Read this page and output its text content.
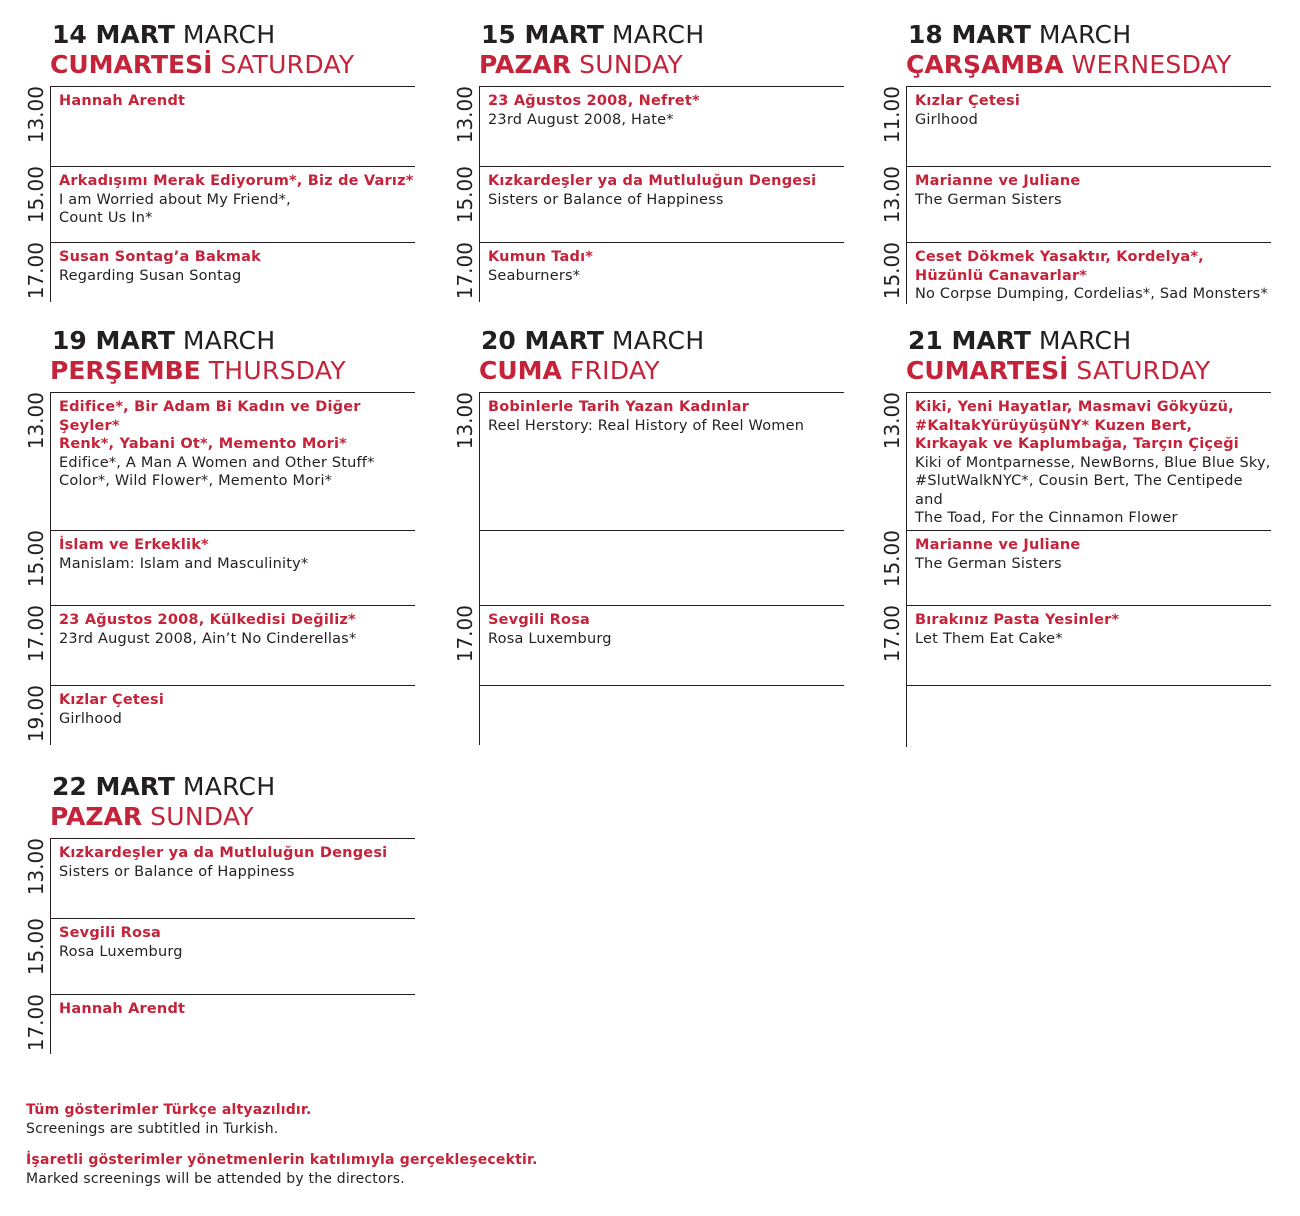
14 MART MARCH
CUMARTESİ SATURDAY
13.00 Hannah Arendt
15.00 Arkadışımı Merak Ediyorum*, Biz de Varız*
I am Worried about My Friend*,
Count Us In*
17.00 Susan Sontag’a Bakmak
Regarding Susan Sontag
15 MART MARCH
PAZAR SUNDAY
13.00 23 Ağustos 2008, Nefret*
23rd August 2008, Hate*
15.00 Kızkardeşler ya da Mutluluğun Dengesi
Sisters or Balance of Happiness
17.00 Kumun Tadı*
Seaburners*
18 MART MARCH
ÇARŞAMBA WERNESDAY
11.00 Kızlar Çetesi
Girlhood
13.00 Marianne ve Juliane
The German Sisters
15.00 Ceset Dökmek Yasaktır, Kordelya*,
Hüzünlü Canavarlar*
No Corpse Dumping, Cordelias*, Sad Monsters*
19 MART MARCH
PERŞEMBE THURSDAY
13.00 Edifice*, Bir Adam Bi Kadın ve Diğer Şeyler*
Renk*, Yabani Ot*, Memento Mori*
Edifice*, A Man A Women and Other Stuff*
Color*, Wild Flower*, Memento Mori*
15.00 İslam ve Erkeklik*
Manislam: Islam and Masculinity*
17.00 23 Ağustos 2008, Külkedisi Değiliz*
23rd August 2008, Ain’t No Cinderellas*
19.00 Kızlar Çetesi
Girlhood
20 MART MARCH
CUMA FRIDAY
13.00 Bobinlerle Tarih Yazan Kadınlar
Reel Herstory: Real History of Reel Women
17.00 Sevgili Rosa
Rosa Luxemburg
21 MART MARCH
CUMARTESİ SATURDAY
13.00 Kiki, Yeni Hayatlar, Masmavi Gökyüzü,
#KaltakYürüyüşüNY* Kuzen Bert,
Kırkayak ve Kaplumbağa, Tarçın Çiçeği
Kiki of Montparnesse, NewBorns, Blue Blue Sky,
#SlutWalkNYC*, Cousin Bert, The Centipede and
The Toad, For the Cinnamon Flower
15.00 Marianne ve Juliane
The German Sisters
17.00 Bırakınız Pasta Yesinler*
Let Them Eat Cake*
22 MART MARCH
PAZAR SUNDAY
13.00 Kızkardeşler ya da Mutluluğun Dengesi
Sisters or Balance of Happiness
15.00 Sevgili Rosa
Rosa Luxemburg
17.00 Hannah Arendt
Tüm gösterimler Türkçe altyazılıdır.
Screenings are subtitled in Turkish.
İşaretli gösterimler yönetmenlerin katılımıyla gerçekleşecektir.
Marked screenings will be attended by the directors.
